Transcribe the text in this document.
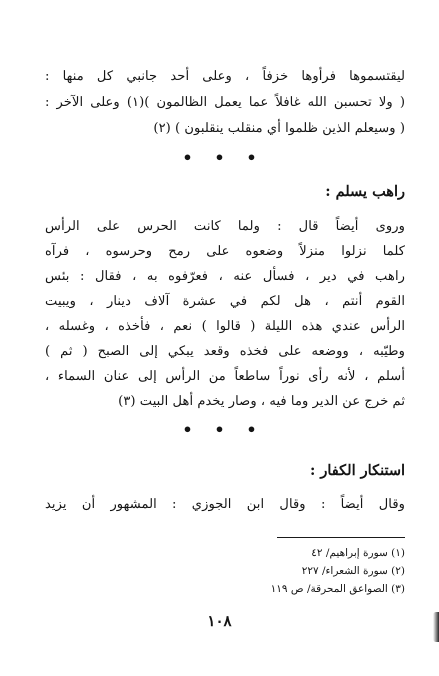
ليقتسموها فرأوها خزفاً ، وعلى أحد جانبي كل منها :
( ولا تحسبن الله غافلاً عما يعمل الظالمون )(١) وعلى الآخر :
( وسيعلم الذين ظلموا أي منقلب ينقلبون ) (٢)
• • •
راهب يسلم :
وروى أيضاً قال : ولما كانت الحرس على الرأس
كلما نزلوا منزلاً وضعوه على رمح وحرسوه ، فرآه
راهب في دير ، فسأل عنه ، فعرّفوه به ، فقال : بئس
القوم أنتم ، هل لكم في عشرة آلاف دينار ، ويبيت
الرأس عندي هذه الليلة ( قالوا ) نعم ، فأخذه ، وغسله ،
وطيّبه ، ووضعه على فخذه وقعد يبكي إلى الصبح ( ثم )
أسلم ، لأنه رأى نوراً ساطعاً من الرأس إلى عنان السماء ،
ثم خرج عن الدير وما فيه ، وصار يخدم أهل البيت (٣)
• • •
استنكار الكفار :
وقال أيضاً : وقال ابن الجوزي : المشهور أن يزيد
(١) سورة إبراهيم/ ٤٢
(٢) سورة الشعراء/ ٢٢٧
(٣) الصواعق المحرقة/ ص ١١٩
١٠٨
